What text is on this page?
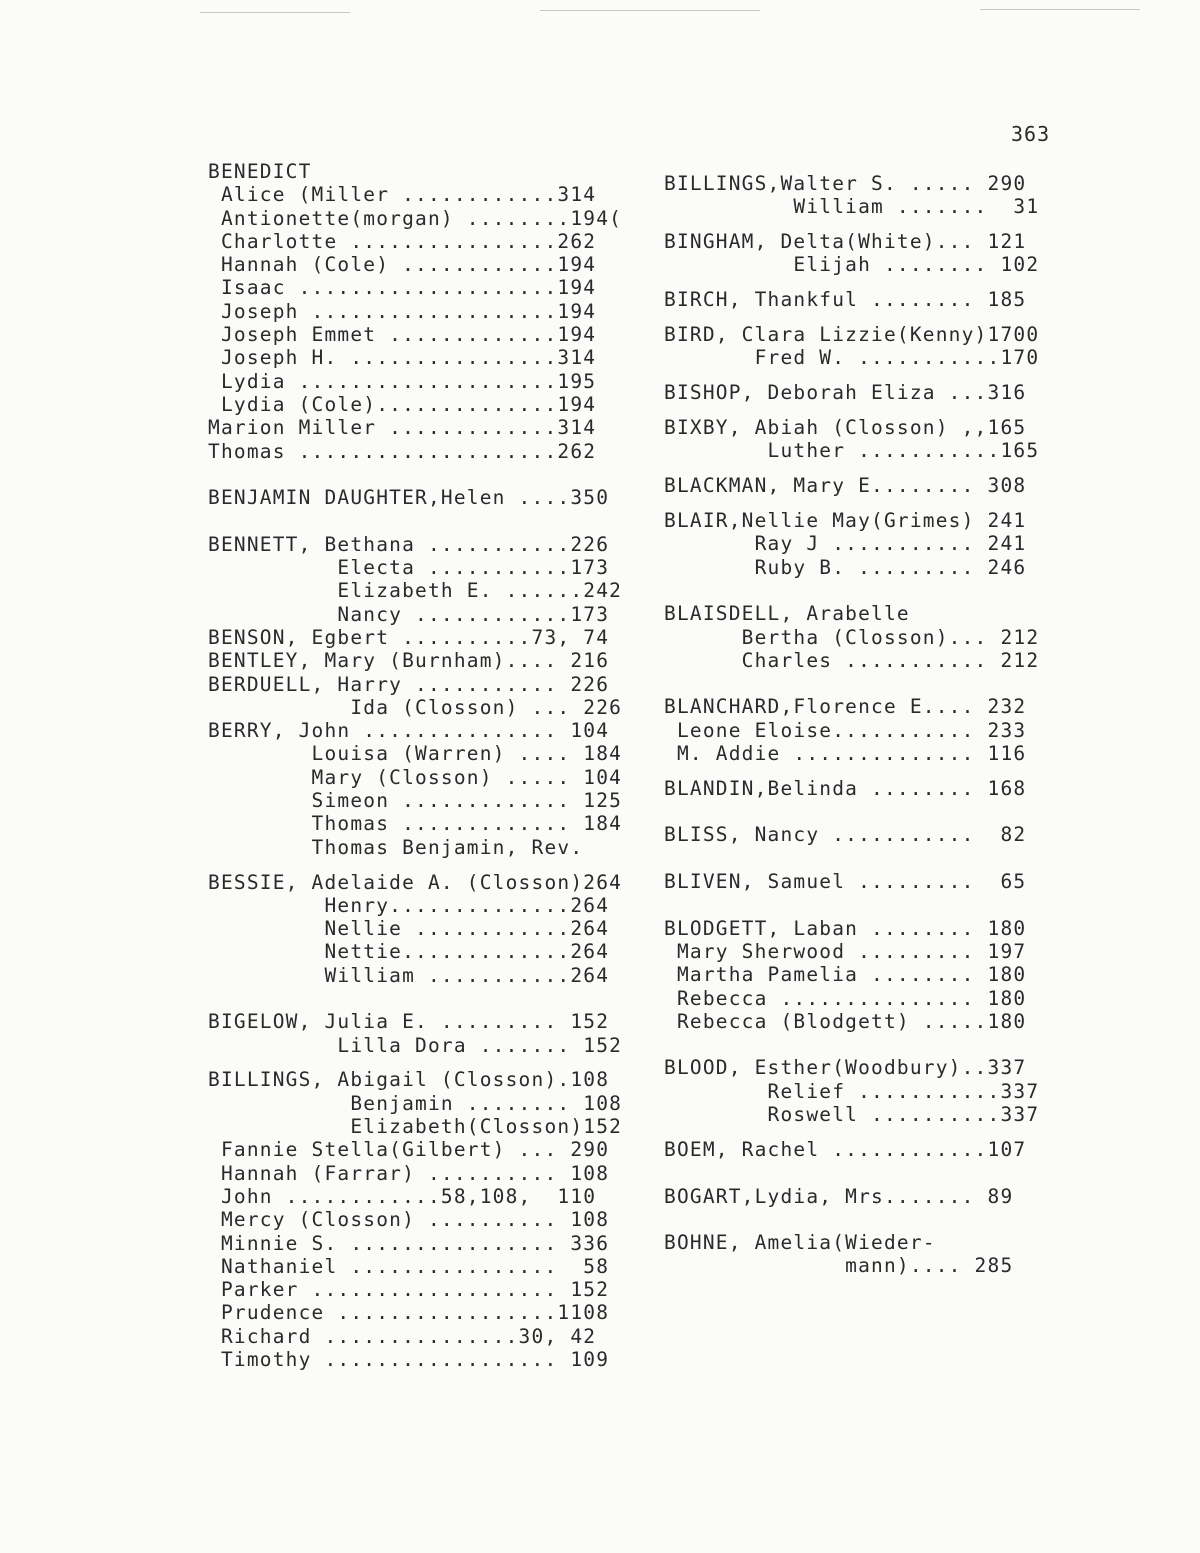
363
BENEDICT
Alice (Miller ............314
Antionette(morgan) ........194(
Charlotte ................262
Hannah (Cole) ............194
Isaac ....................194
Joseph ...................194
Joseph Emmet .............194
Joseph H. ................314
Lydia ....................195
Lydia (Cole)..............194
Marion Miller .............314
Thomas ....................262
BENJAMIN DAUGHTER,Helen ....350
BENNETT, Bethana ...........226
Electa ...........173
Elizabeth E. ......242
Nancy ............173
BENSON, Egbert ..........73, 74
BENTLEY, Mary (Burnham).... 216
BERDUELL, Harry ........... 226
Ida (Closson) ... 226
BERRY, John ............... 104
Louisa (Warren) .... 184
Mary (Closson) ..... 104
Simeon ............. 125
Thomas ............. 184
Thomas Benjamin, Rev.
BESSIE, Adelaide A. (Closson)264
Henry..............264
Nellie ............264
Nettie.............264
William ...........264
BIGELOW, Julia E. ......... 152
Lilla Dora ....... 152
BILLINGS, Abigail (Closson).108
Benjamin ........ 108
Elizabeth(Closson)152
Fannie Stella(Gilbert) ... 290
Hannah (Farrar) .......... 108
John ............58,108,  110
Mercy (Closson) .......... 108
Minnie S. ................ 336
Nathaniel ................  58
Parker ................... 152
Prudence .................1108
Richard ...............30, 42
Timothy .................. 109
BILLINGS,Walter S. ..... 290
William .......  31
BINGHAM, Delta(White)... 121
Elijah ........ 102
BIRCH, Thankful ........ 185
BIRD, Clara Lizzie(Kenny)1700
Fred W. ...........170
BISHOP, Deborah Eliza ...316
BIXBY, Abiah (Closson) ,,165
Luther ...........165
BLACKMAN, Mary E........ 308
BLAIR,Nellie May(Grimes) 241
Ray J ........... 241
Ruby B. ......... 246
BLAISDELL, Arabelle
Bertha (Closson)... 212
Charles ........... 212
BLANCHARD,Florence E.... 232
Leone Eloise........... 233
M. Addie .............. 116
BLANDIN,Belinda ........ 168
BLISS, Nancy ...........  82
BLIVEN, Samuel .........  65
BLODGETT, Laban ........ 180
Mary Sherwood ......... 197
Martha Pamelia ........ 180
Rebecca ............... 180
Rebecca (Blodgett) .....180
BLOOD, Esther(Woodbury)..337
Relief ...........337
Roswell ..........337
BOEM, Rachel ............107
BOGART,Lydia, Mrs....... 89
BOHNE, Amelia(Wieder-
mann).... 285
